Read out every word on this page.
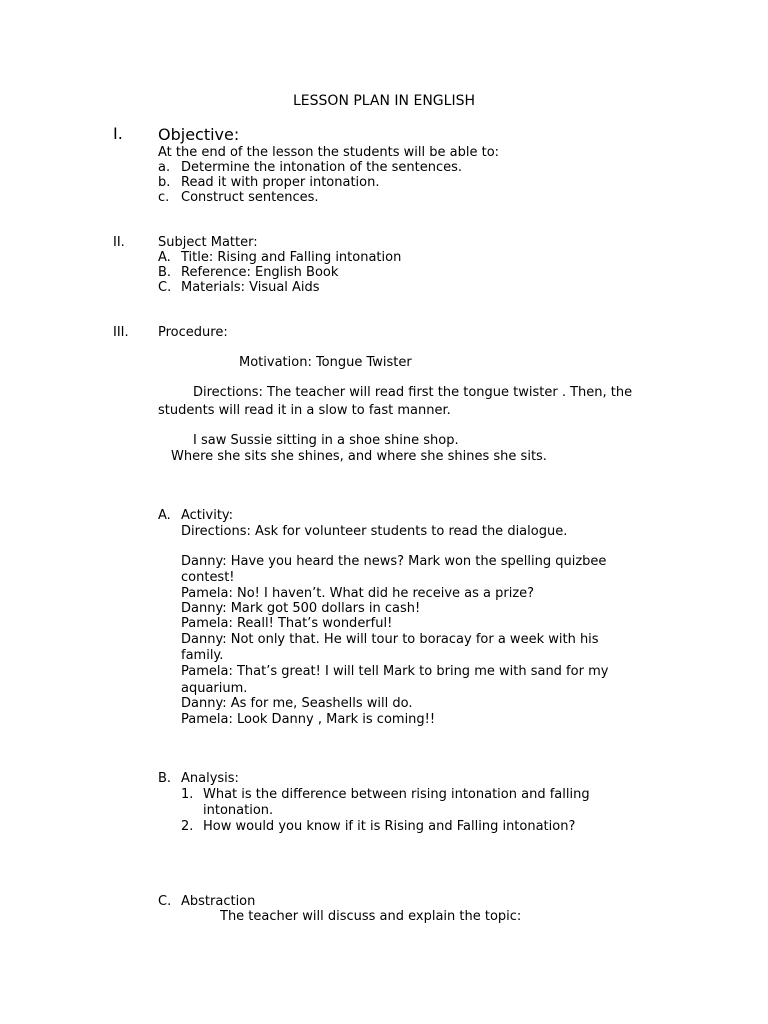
LESSON PLAN IN ENGLISH
I. Objective:
At the end of the lesson the students will be able to:
a. Determine the intonation of the sentences.
b. Read it with proper intonation.
c. Construct sentences.
II.	Subject Matter:
A. Title: Rising and Falling intonation
B. Reference: English Book
C. Materials: Visual Aids
III. Procedure:
Motivation: Tongue Twister
Directions: The teacher will read first the tongue twister . Then, the
students will read it in a slow to fast manner.
I saw Sussie sitting in a shoe shine shop.
Where she sits she shines, and where she shines she sits.
A. Activity:
Directions: Ask for volunteer students to read the dialogue.
Danny: Have you heard the news? Mark won the spelling quizbee
contest!
Pamela: No! I haven’t. What did he receive as a prize?
Danny: Mark got 500 dollars in cash!
Pamela: Reall! That’s wonderful!
Danny: Not only that. He will tour to boracay for a week with his
family.
Pamela: That’s great! I will tell Mark to bring me with sand for my
aquarium.
Danny: As for me, Seashells will do.
Pamela: Look Danny , Mark is coming!!
B. Analysis:
1. What is the difference between rising intonation and falling
intonation.
2. How would you know if it is Rising and Falling intonation?
C. Abstraction
The teacher will discuss and explain the topic:
